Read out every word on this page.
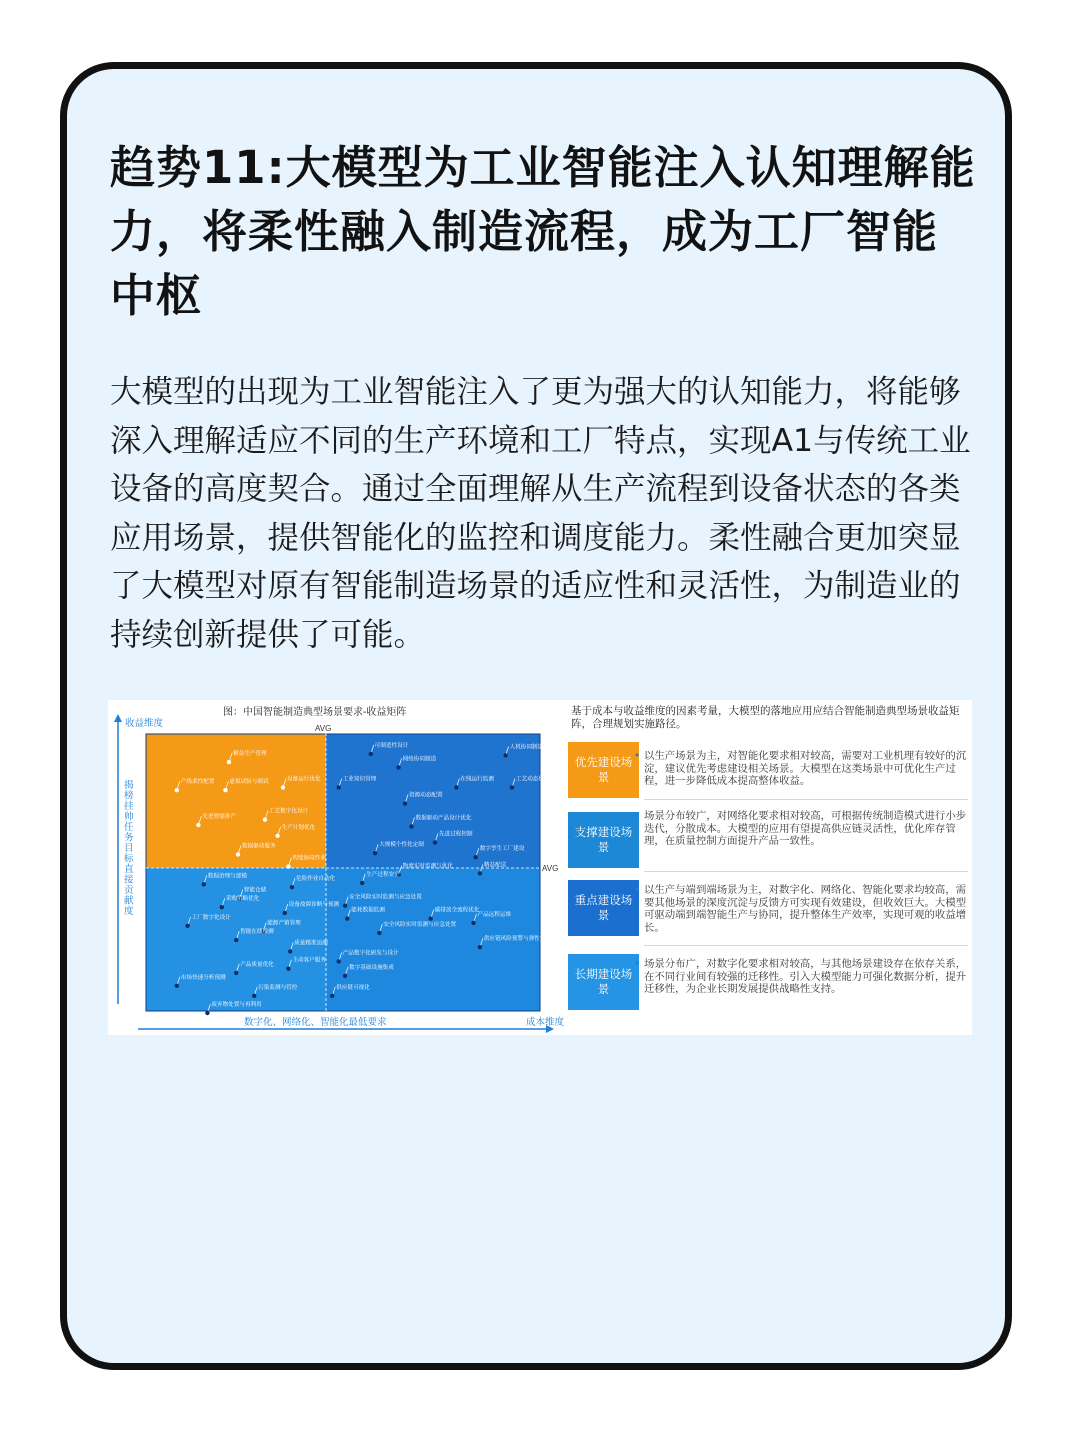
趋势11:大模型为工业智能注入认知理解能力，将柔性融入制造流程，成为工厂智能中枢

大模型的出现为工业智能注入了更为强大的认知能力，将能够深入理解适应不同的生产环境和工厂特点，实现A1与传统工业设备的高度契合。通过全面理解从生产流程到设备状态的各类应用场景，提供智能化的监控和调度能力。柔性融合更加突显了大模型对原有智能制造场景的适应性和灵活性，为制造业的持续创新提供了可能。

图：中国智能制造典型场景要求-收益矩阵
收益维度	AVG
AVG
数字化、网络化、智能化最低要求	成本维度
揭榜挂帅任务目标直接贡献度
精益生产管理
产线柔性配置	虚拟试验与调试	设备运行优化
工艺数字化设计
先进智能排产
生产计划优化
数据驱动服务
智能协同作业
可制造性设计	人机协同制造
网络协同制造
工业知识管理	在线运行监测	工艺动态优化
资源动态配置
数据驱动产品设计优化
先进过程控制
大规模个性化定制
数字孪生工厂建设
物流实时监测与优化	精益配送
数据治理与建模	危险作业自动化
智能仓储
采购策略优化
设备故障诊断与预测
工厂数字化设计
能源产销管理
智能在线检测
质量精准追溯
产品质量优化
主动客户服务
市场快速分析预测
污染监测与管控
废弃物处置与再利用
生产过程安全
安全风险实时监测与应急处置
能耗数据监测	碳排放全流程优化
产品远程运维
安全风险实时监测与应急处置
供应链风险预警与弹性管控
产品数字化研发与设计
数字基础设施集成
供应链可视化
基于成本与收益维度的因素考量，大模型的落地应用应结合智能制造典型场景收益矩阵，合理规划实施路径。
优先建设场景
• 以生产场景为主，对智能化要求相对较高，需要对工业机理有较好的沉淀，建议优先考虑建设相关场景。大模型在这类场景中可优化生产过程，进一步降低成本提高整体收益。
支撑建设场景
• 场景分布较广，对网络化要求相对较高，可根据传统制造模式进行小步迭代，分散成本。大模型的应用有望提高供应链灵活性，优化库存管理，在质量控制方面提升产品一致性。
重点建设场景
• 以生产与端到端场景为主，对数字化、网络化、智能化要求均较高，需要其他场景的深度沉淀与反馈方可实现有效建设，但收效巨大。大模型可驱动端到端智能生产与协同，提升整体生产效率，实现可观的收益增长。
长期建设场景
• 场景分布广，对数字化要求相对较高，与其他场景建设存在依存关系，在不同行业间有较强的迁移性。引入大模型能力可强化数据分析，提升迁移性，为企业长期发展提供战略性支持。
